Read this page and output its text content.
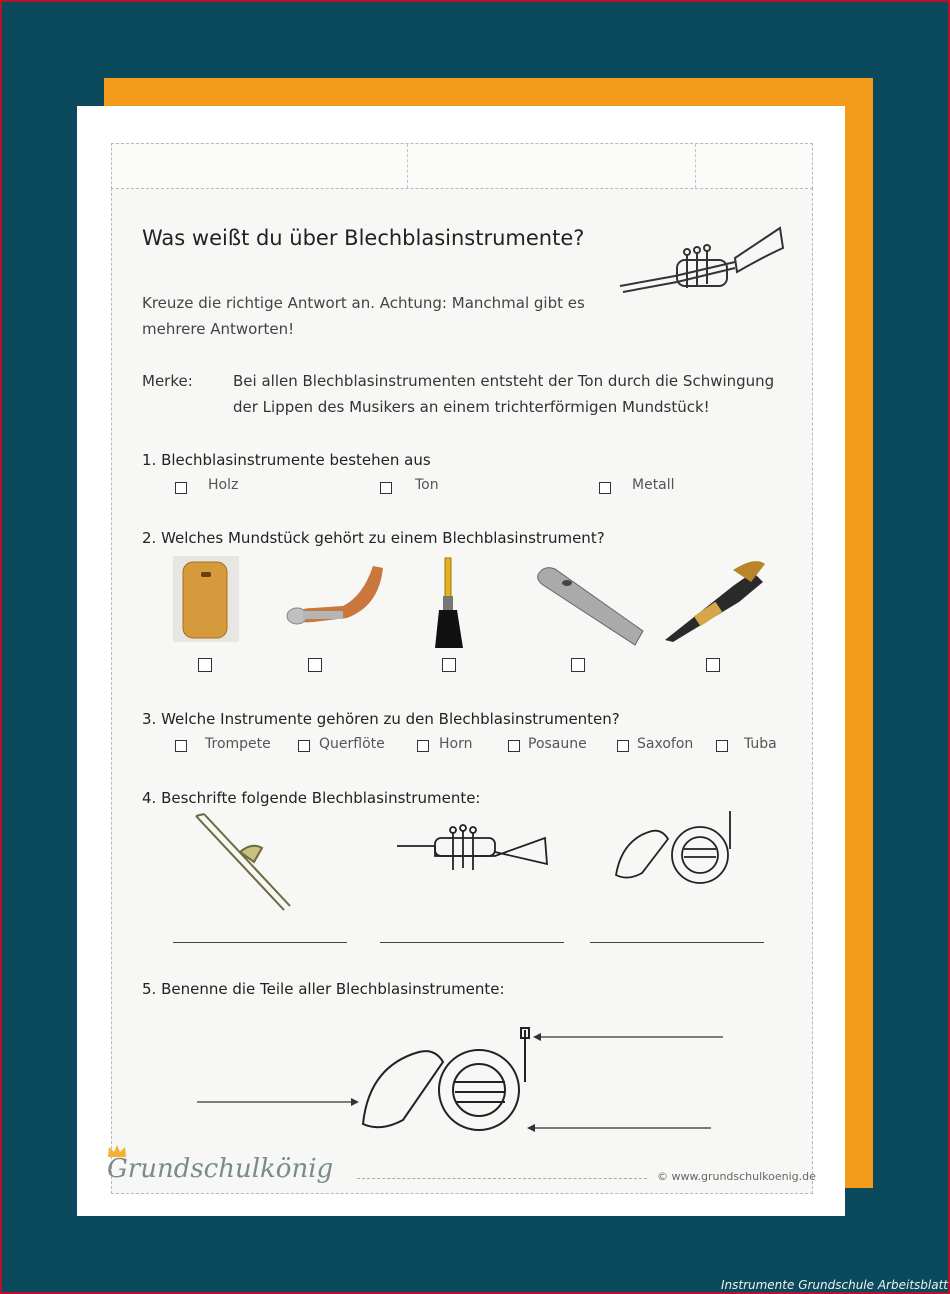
Was weißt du über Blechblasinstrumente?
Kreuze die richtige Antwort an. Achtung: Manchmal gibt es
mehrere Antworten!
Merke:	Bei allen Blechblasinstrumenten entsteht der Ton durch die Schwingung
der Lippen des Musikers an einem trichterförmigen Mundstück!
1. Blechblasinstrumente bestehen aus
Holz	Ton	Metall
2. Welches Mundstück gehört zu einem Blechblasinstrument?
3. Welche Instrumente gehören zu den Blechblasinstrumenten?
Trompete	Querflöte	Horn	Posaune	Saxofon	Tuba
4. Beschrifte folgende Blechblasinstrumente:
5. Benenne die Teile aller Blechblasinstrumente:
Grundschulkönig	© www.grundschulkoenig.de
Instrumente Grundschule Arbeitsblatt
